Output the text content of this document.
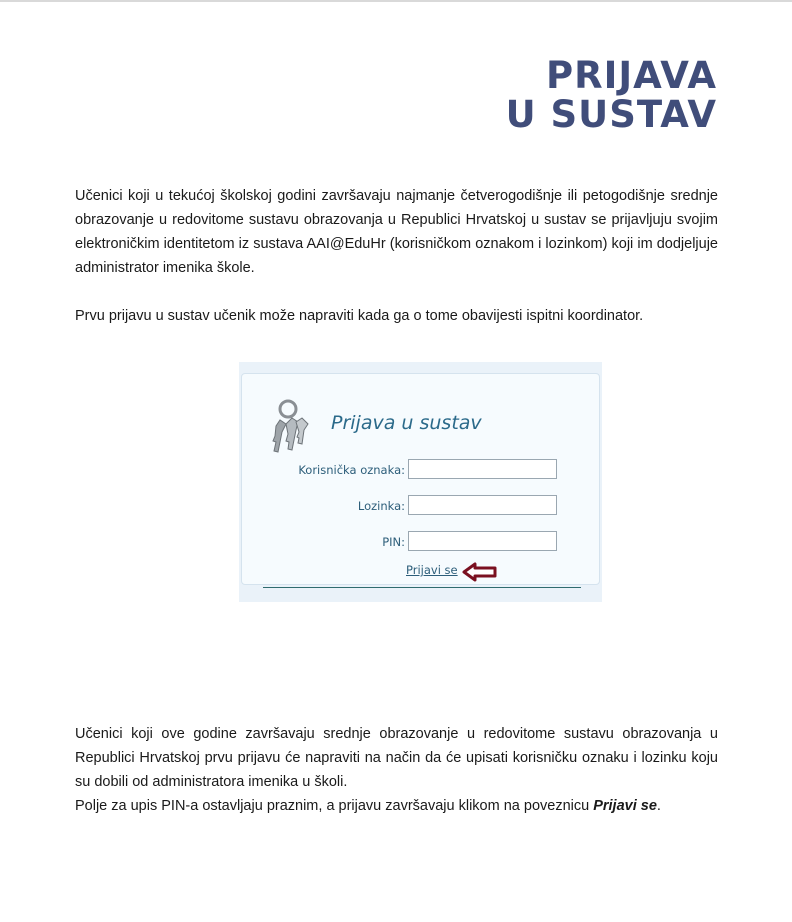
PRIJAVA
U SUSTAV

Učenici koji u tekućoj školskoj godini završavaju najmanje četverogodišnje ili petogodišnje srednje obrazovanje u redovitome sustavu obrazovanja u Republici Hrvatskoj u sustav se prijavljuju svojim elektroničkim identitetom iz sustava AAI@EduHr (korisničkom oznakom i lozinkom) koji im dodjeljuje administrator imenika škole.

Prvu prijavu u sustav učenik može napraviti kada ga o tome obavijesti ispitni koordinator.

Prijava u sustav
Korisnička oznaka:
Lozinka:
PIN:
Prijavi se

Učenici koji ove godine završavaju srednje obrazovanje u redovitome sustavu obrazovanja u Republici Hrvatskoj prvu prijavu će napraviti na način da će upisati korisničku oznaku i lozinku koju su dobili od administratora imenika u školi.

Polje za upis PIN-a ostavljaju praznim, a prijavu završavaju klikom na poveznicu Prijavi se.
